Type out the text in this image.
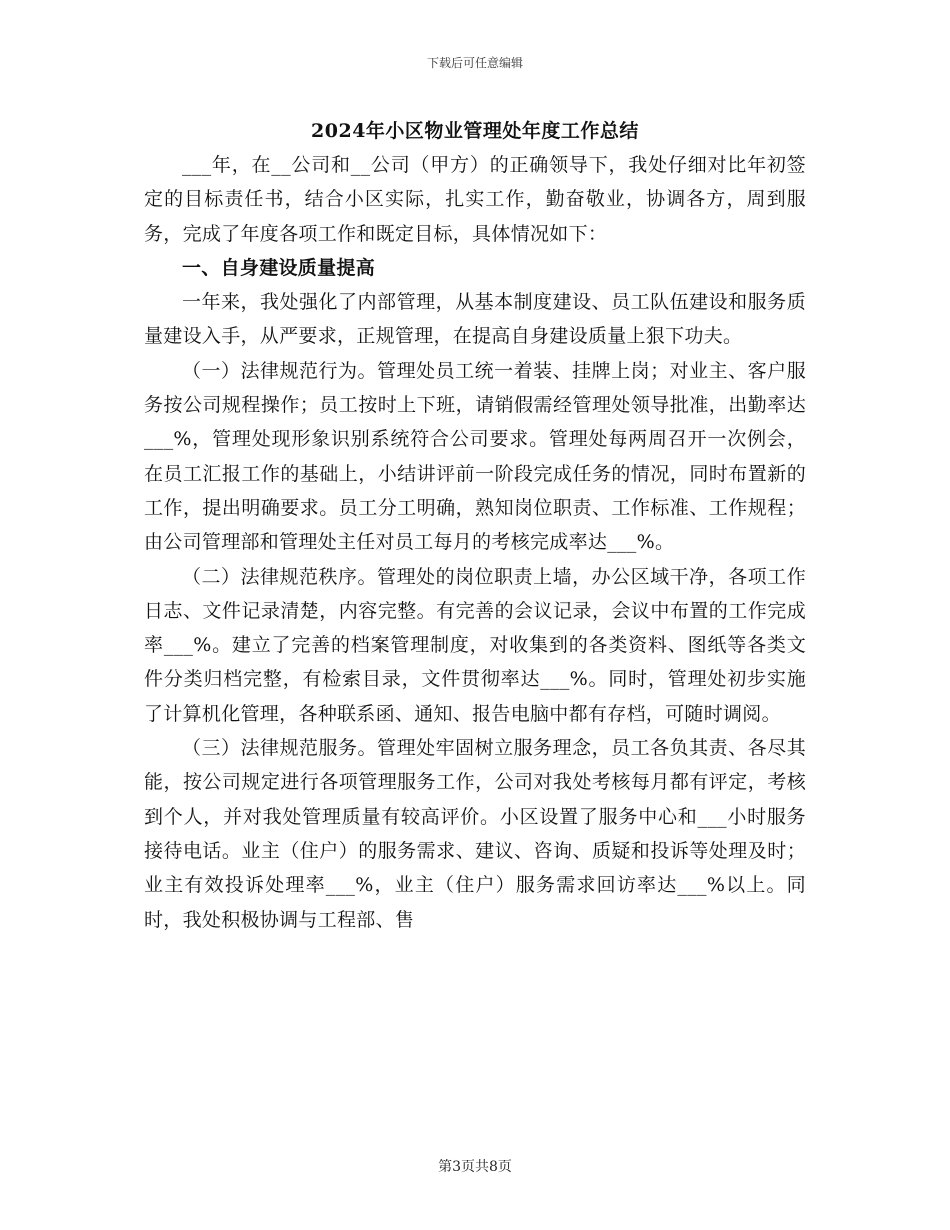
下载后可任意编辑
2024年小区物业管理处年度工作总结

___年，在__公司和__公司（甲方）的正确领导下，我处仔细对比年初签定的目标责任书，结合小区实际，扎实工作，勤奋敬业，协调各方，周到服务，完成了年度各项工作和既定目标，具体情况如下：

一、自身建设质量提高

一年来，我处强化了内部管理，从基本制度建设、员工队伍建设和服务质量建设入手，从严要求，正规管理，在提高自身建设质量上狠下功夫。

（一）法律规范行为。管理处员工统一着装、挂牌上岗；对业主、客户服务按公司规程操作；员工按时上下班，请销假需经管理处领导批准，出勤率达___%，管理处现形象识别系统符合公司要求。管理处每两周召开一次例会，在员工汇报工作的基础上，小结讲评前一阶段完成任务的情况，同时布置新的工作，提出明确要求。员工分工明确，熟知岗位职责、工作标准、工作规程；由公司管理部和管理处主任对员工每月的考核完成率达___%。

（二）法律规范秩序。管理处的岗位职责上墙，办公区域干净，各项工作日志、文件记录清楚，内容完整。有完善的会议记录，会议中布置的工作完成率___%。建立了完善的档案管理制度，对收集到的各类资料、图纸等各类文件分类归档完整，有检索目录，文件贯彻率达___%。同时，管理处初步实施了计算机化管理，各种联系函、通知、报告电脑中都有存档，可随时调阅。

（三）法律规范服务。管理处牢固树立服务理念，员工各负其责、各尽其能，按公司规定进行各项管理服务工作，公司对我处考核每月都有评定，考核到个人，并对我处管理质量有较高评价。小区设置了服务中心和___小时服务接待电话。业主（住户）的服务需求、建议、咨询、质疑和投诉等处理及时；业主有效投诉处理率___%，业主（住户）服务需求回访率达___%以上。同时，我处积极协调与工程部、售

第3页共8页
